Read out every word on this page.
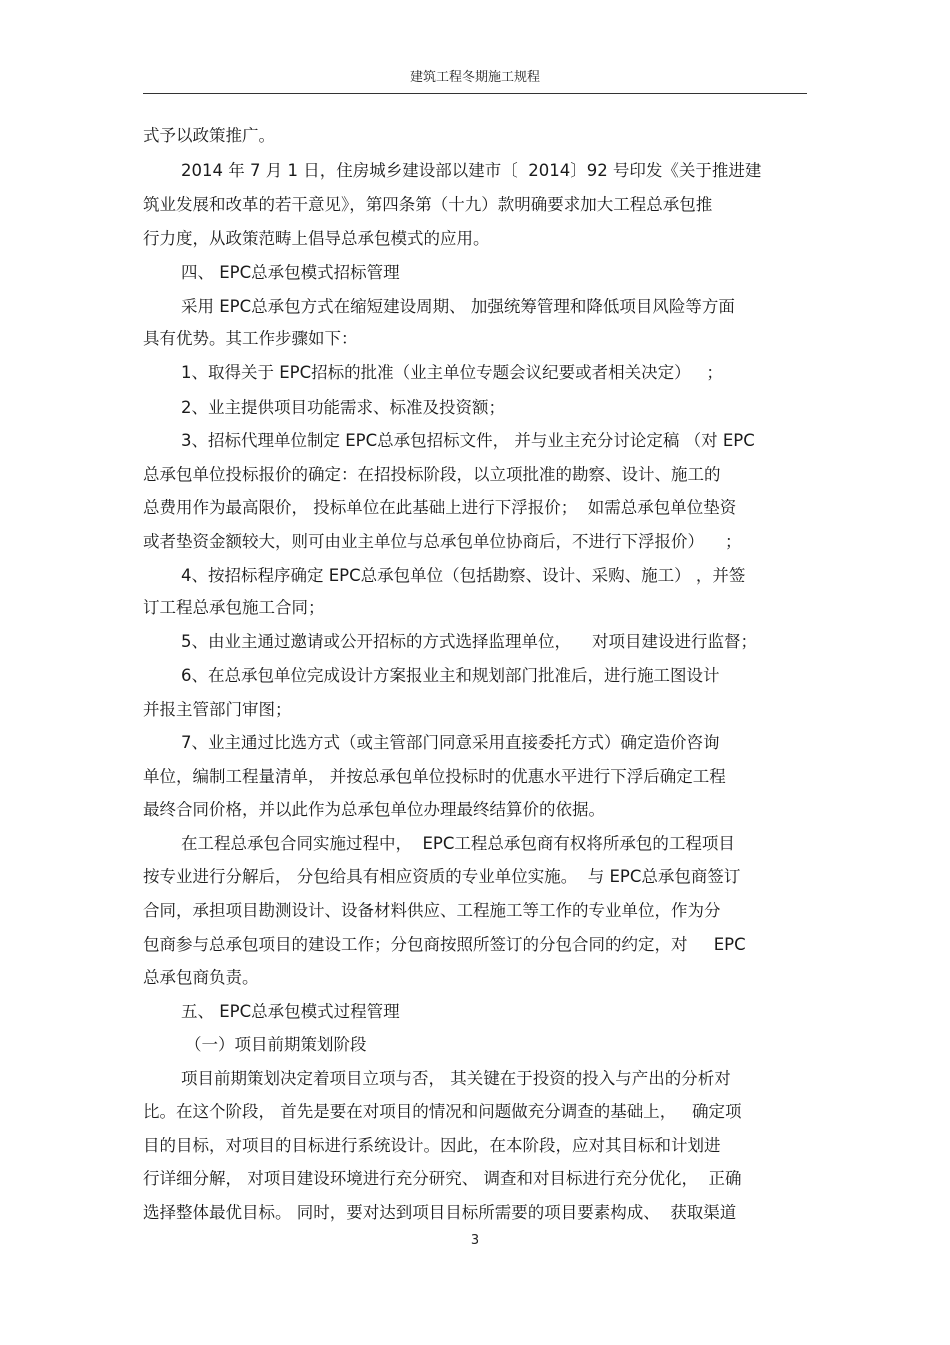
建筑工程冬期施工规程
式予以政策推广。
2014 年 7 月 1 日，住房城乡建设部以建市〔  2014〕92 号印发《关于推进建
筑业发展和改革的若干意见》，第四条第（十九）款明确要求加大工程总承包推
行力度，从政策范畴上倡导总承包模式的应用。
四、 EPC总承包模式招标管理
采用 EPC总承包方式在缩短建设周期、 加强统筹管理和降低项目风险等方面
具有优势。其工作步骤如下：
1、取得关于 EPC招标的批准（业主单位专题会议纪要或者相关决定）   ；
2、业主提供项目功能需求、标准及投资额；
3、招标代理单位制定 EPC总承包招标文件， 并与业主充分讨论定稿 （对 EPC
总承包单位投标报价的确定：在招投标阶段，以立项批准的勘察、设计、施工的
总费用作为最高限价， 投标单位在此基础上进行下浮报价；  如需总承包单位垫资
或者垫资金额较大，则可由业主单位与总承包单位协商后，不进行下浮报价）    ；
4、按招标程序确定 EPC总承包单位（包括勘察、设计、采购、施工） ，并签
订工程总承包施工合同；
5、由业主通过邀请或公开招标的方式选择监理单位，    对项目建设进行监督；
6、在总承包单位完成设计方案报业主和规划部门批准后，进行施工图设计
并报主管部门审图；
7、业主通过比选方式（或主管部门同意采用直接委托方式）确定造价咨询
单位，编制工程量清单， 并按总承包单位投标时的优惠水平进行下浮后确定工程
最终合同价格，并以此作为总承包单位办理最终结算价的依据。
在工程总承包合同实施过程中，  EPC工程总承包商有权将所承包的工程项目
按专业进行分解后， 分包给具有相应资质的专业单位实施。  与 EPC总承包商签订
合同，承担项目勘测设计、设备材料供应、工程施工等工作的专业单位，作为分
包商参与总承包项目的建设工作；分包商按照所签订的分包合同的约定，对     EPC
总承包商负责。
五、 EPC总承包模式过程管理
（一）项目前期策划阶段
项目前期策划决定着项目立项与否， 其关键在于投资的投入与产出的分析对
比。在这个阶段， 首先是要在对项目的情况和问题做充分调查的基础上，   确定项
目的目标，对项目的目标进行系统设计。因此，在本阶段，应对其目标和计划进
行详细分解， 对项目建设环境进行充分研究、 调查和对目标进行充分优化，  正确
选择整体最优目标。 同时，要对达到项目目标所需要的项目要素构成、  获取渠道
3
